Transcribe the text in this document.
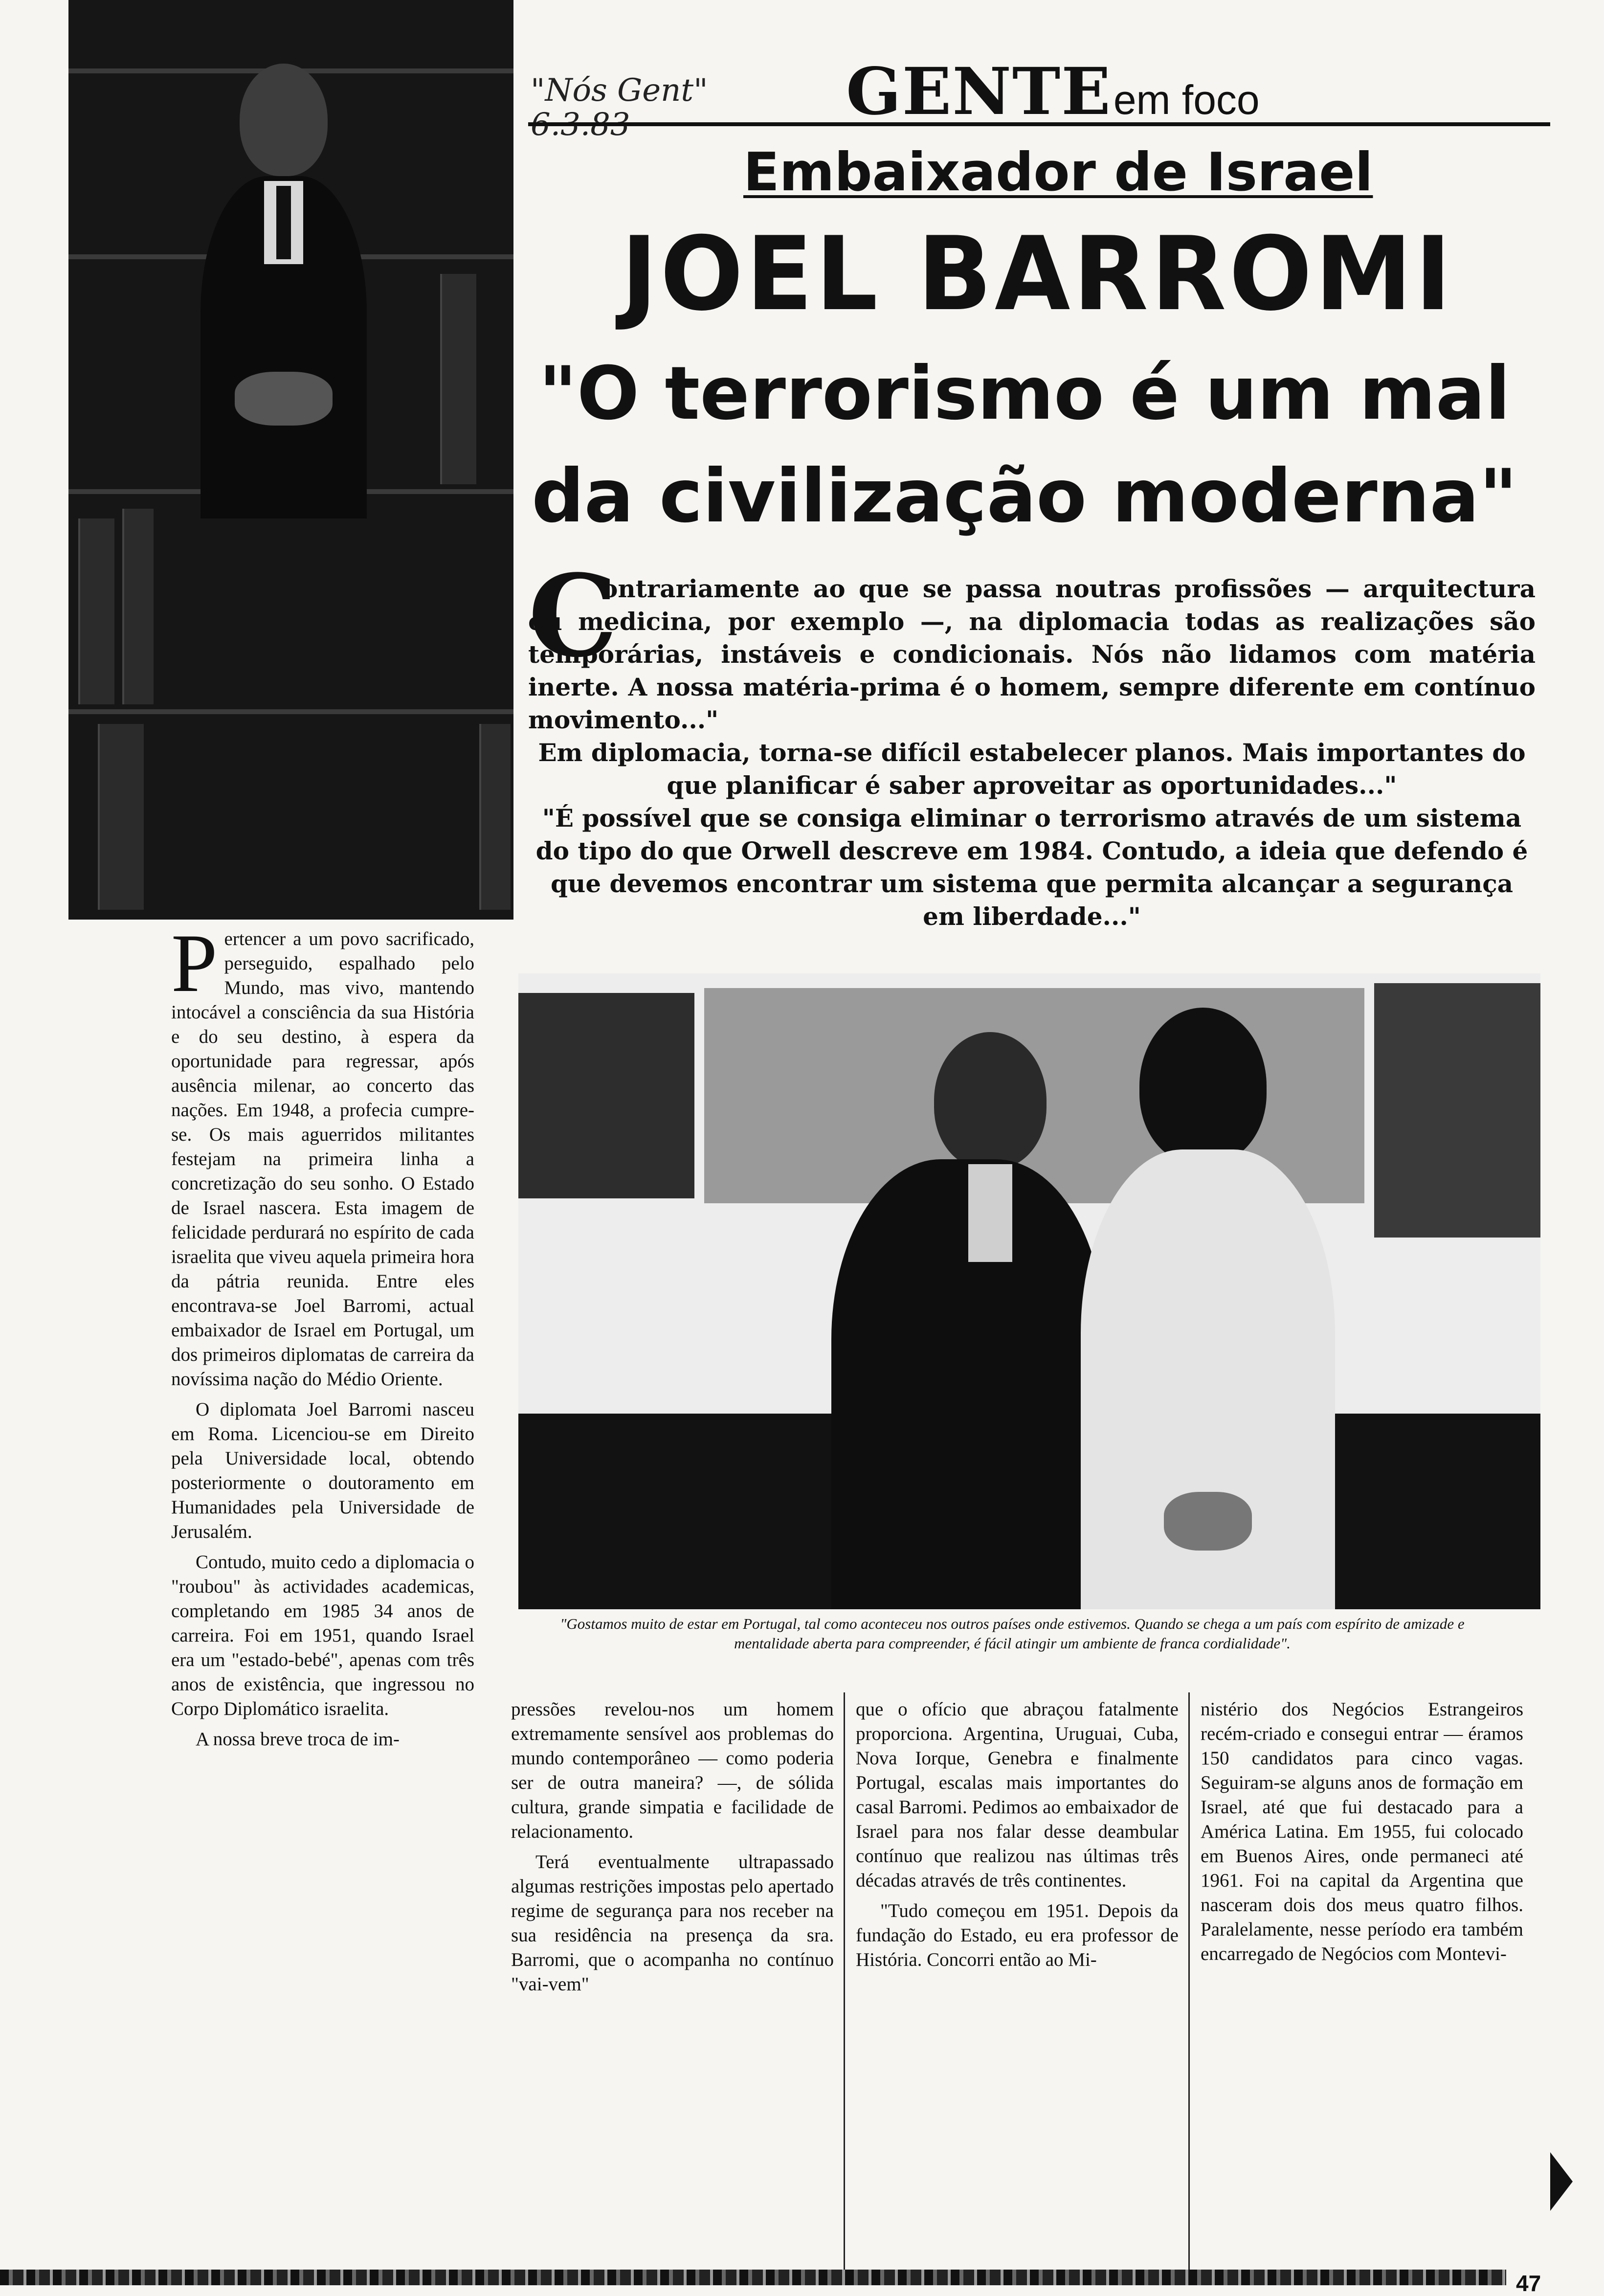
"Nós Gent" 6.3.83	GENTE em foco
Embaixador de Israel
JOEL BARROMI
"O terrorismo é um mal da civilização moderna"
C

ontrariamente ao que se passa noutras profissões — arquitectura ou medicina, por exemplo —, na diplomacia todas as realizações são temporárias, instáveis e condicionais. Nós não lidamos com matéria inerte. A nossa matéria-prima é o homem, sempre diferente em contínuo movimento..."

Em diplomacia, torna-se difícil estabelecer planos. Mais importantes do que planificar é saber aproveitar as oportunidades..."

"É possível que se consiga eliminar o terrorismo através de um sistema do tipo do que Orwell descreve em 1984. Contudo, a ideia que defendo é que devemos encontrar um sistema que permita alcançar a segurança em liberdade..."

"Gostamos muito de estar em Portugal, tal como aconteceu nos outros países onde estivemos. Quando se chega a um país com espírito de amizade e mentalidade aberta para compreender, é fácil atingir um ambiente de franca cordialidade".

Pertencer a um povo sacrificado, perseguido, espalhado pelo Mundo, mas vivo, mantendo intocável a consciência da sua História e do seu destino, à espera da oportunidade para regressar, após ausência milenar, ao concerto das nações. Em 1948, a profecia cumpre-se. Os mais aguerridos militantes festejam na primeira linha a concretização do seu sonho. O Estado de Israel nascera. Esta imagem de felicidade perdurará no espírito de cada israelita que viveu aquela primeira hora da pátria reunida. Entre eles encontrava-se Joel Barromi, actual embaixador de Israel em Portugal, um dos primeiros diplomatas de carreira da novíssima nação do Médio Oriente.

O diplomata Joel Barromi nasceu em Roma. Licenciou-se em Direito pela Universidade local, obtendo posteriormente o doutoramento em Humanidades pela Universidade de Jerusalém.

Contudo, muito cedo a diplomacia o "roubou" às actividades academicas, completando em 1985 34 anos de carreira. Foi em 1951, quando Israel era um "estado-bebé", apenas com três anos de existência, que ingressou no Corpo Diplomático israelita.

A nossa breve troca de im-

pressões revelou-nos um homem extremamente sensível aos problemas do mundo contemporâneo — como poderia ser de outra maneira? —, de sólida cultura, grande simpatia e facilidade de relacionamento.

Terá eventualmente ultrapassado algumas restrições impostas pelo apertado regime de segurança para nos receber na sua residência na presença da sra. Barromi, que o acompanha no contínuo "vai-vem"

que o ofício que abraçou fatalmente proporciona. Argentina, Uruguai, Cuba, Nova Iorque, Genebra e finalmente Portugal, escalas mais importantes do casal Barromi. Pedimos ao embaixador de Israel para nos falar desse deambular contínuo que realizou nas últimas três décadas através de três continentes.

"Tudo começou em 1951. Depois da fundação do Estado, eu era professor de História. Concorri então ao Mi-

nistério dos Negócios Estrangeiros recém-criado e consegui entrar — éramos 150 candidatos para cinco vagas. Seguiram-se alguns anos de formação em Israel, até que fui destacado para a América Latina. Em 1955, fui colocado em Buenos Aires, onde permaneci até 1961. Foi na capital da Argentina que nasceram dois dos meus quatro filhos. Paralelamente, nesse período era também encarregado de Negócios com Montevi-

47
